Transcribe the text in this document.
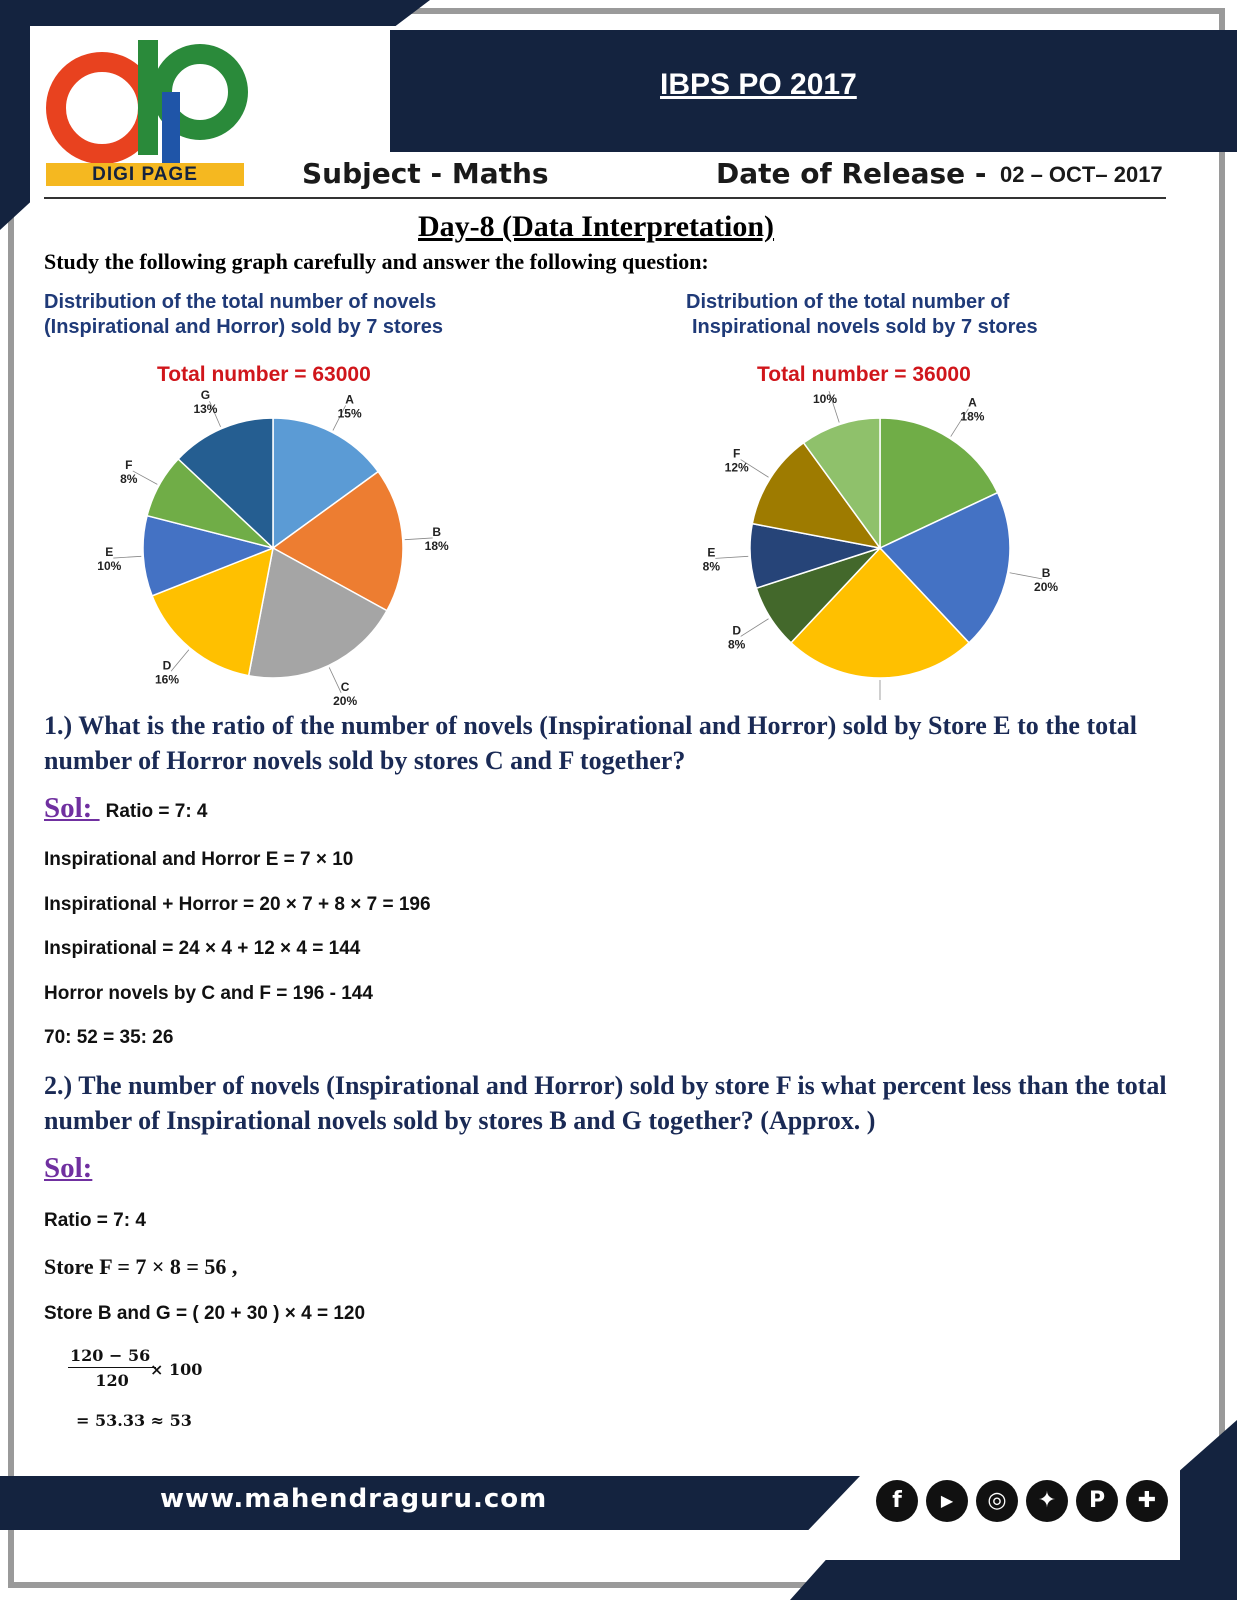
IBPS PO 2017
DIGI PAGE	Subject - Maths	Date of Release - 02 – OCT– 2017
Day-8 (Data Interpretation)
Study the following graph carefully and answer the following question:
Distribution of the total number of novels
(Inspirational and Horror) sold by 7 stores
Total number = 63000
A
15%
B
18%
C
20%
D
16%
E
10%
F
8%
G
13%
Distribution of the total number of
Inspirational novels sold by 7 stores
Total number = 36000
A
18%
B
20%
D
8%
E
8%
F
12%
10%
1.) What is the ratio of the number of novels (Inspirational and Horror) sold by Store E to the total number of Horror novels sold by stores C and F together?
Sol: Ratio = 7: 4
Inspirational and Horror E = 7 × 10
Inspirational + Horror = 20 × 7 + 8 × 7 = 196
Inspirational = 24 × 4 + 12 × 4 = 144
Horror novels by C and F = 196 - 144
70: 52 = 35: 26
2.) The number of novels (Inspirational and Horror) sold by store F is what percent less than the total number of Inspirational novels sold by stores B and G together? (Approx. )
Sol:
Ratio = 7: 4
Store F = 7 × 8 = 56 ,
Store B and G = ( 20 + 30 ) × 4 = 120
$\frac{120 - 56}{120}$
× 100
= 53.33 ≈ 53
www.mahendraguru.com	f	▶	◎	✦	P	✚
